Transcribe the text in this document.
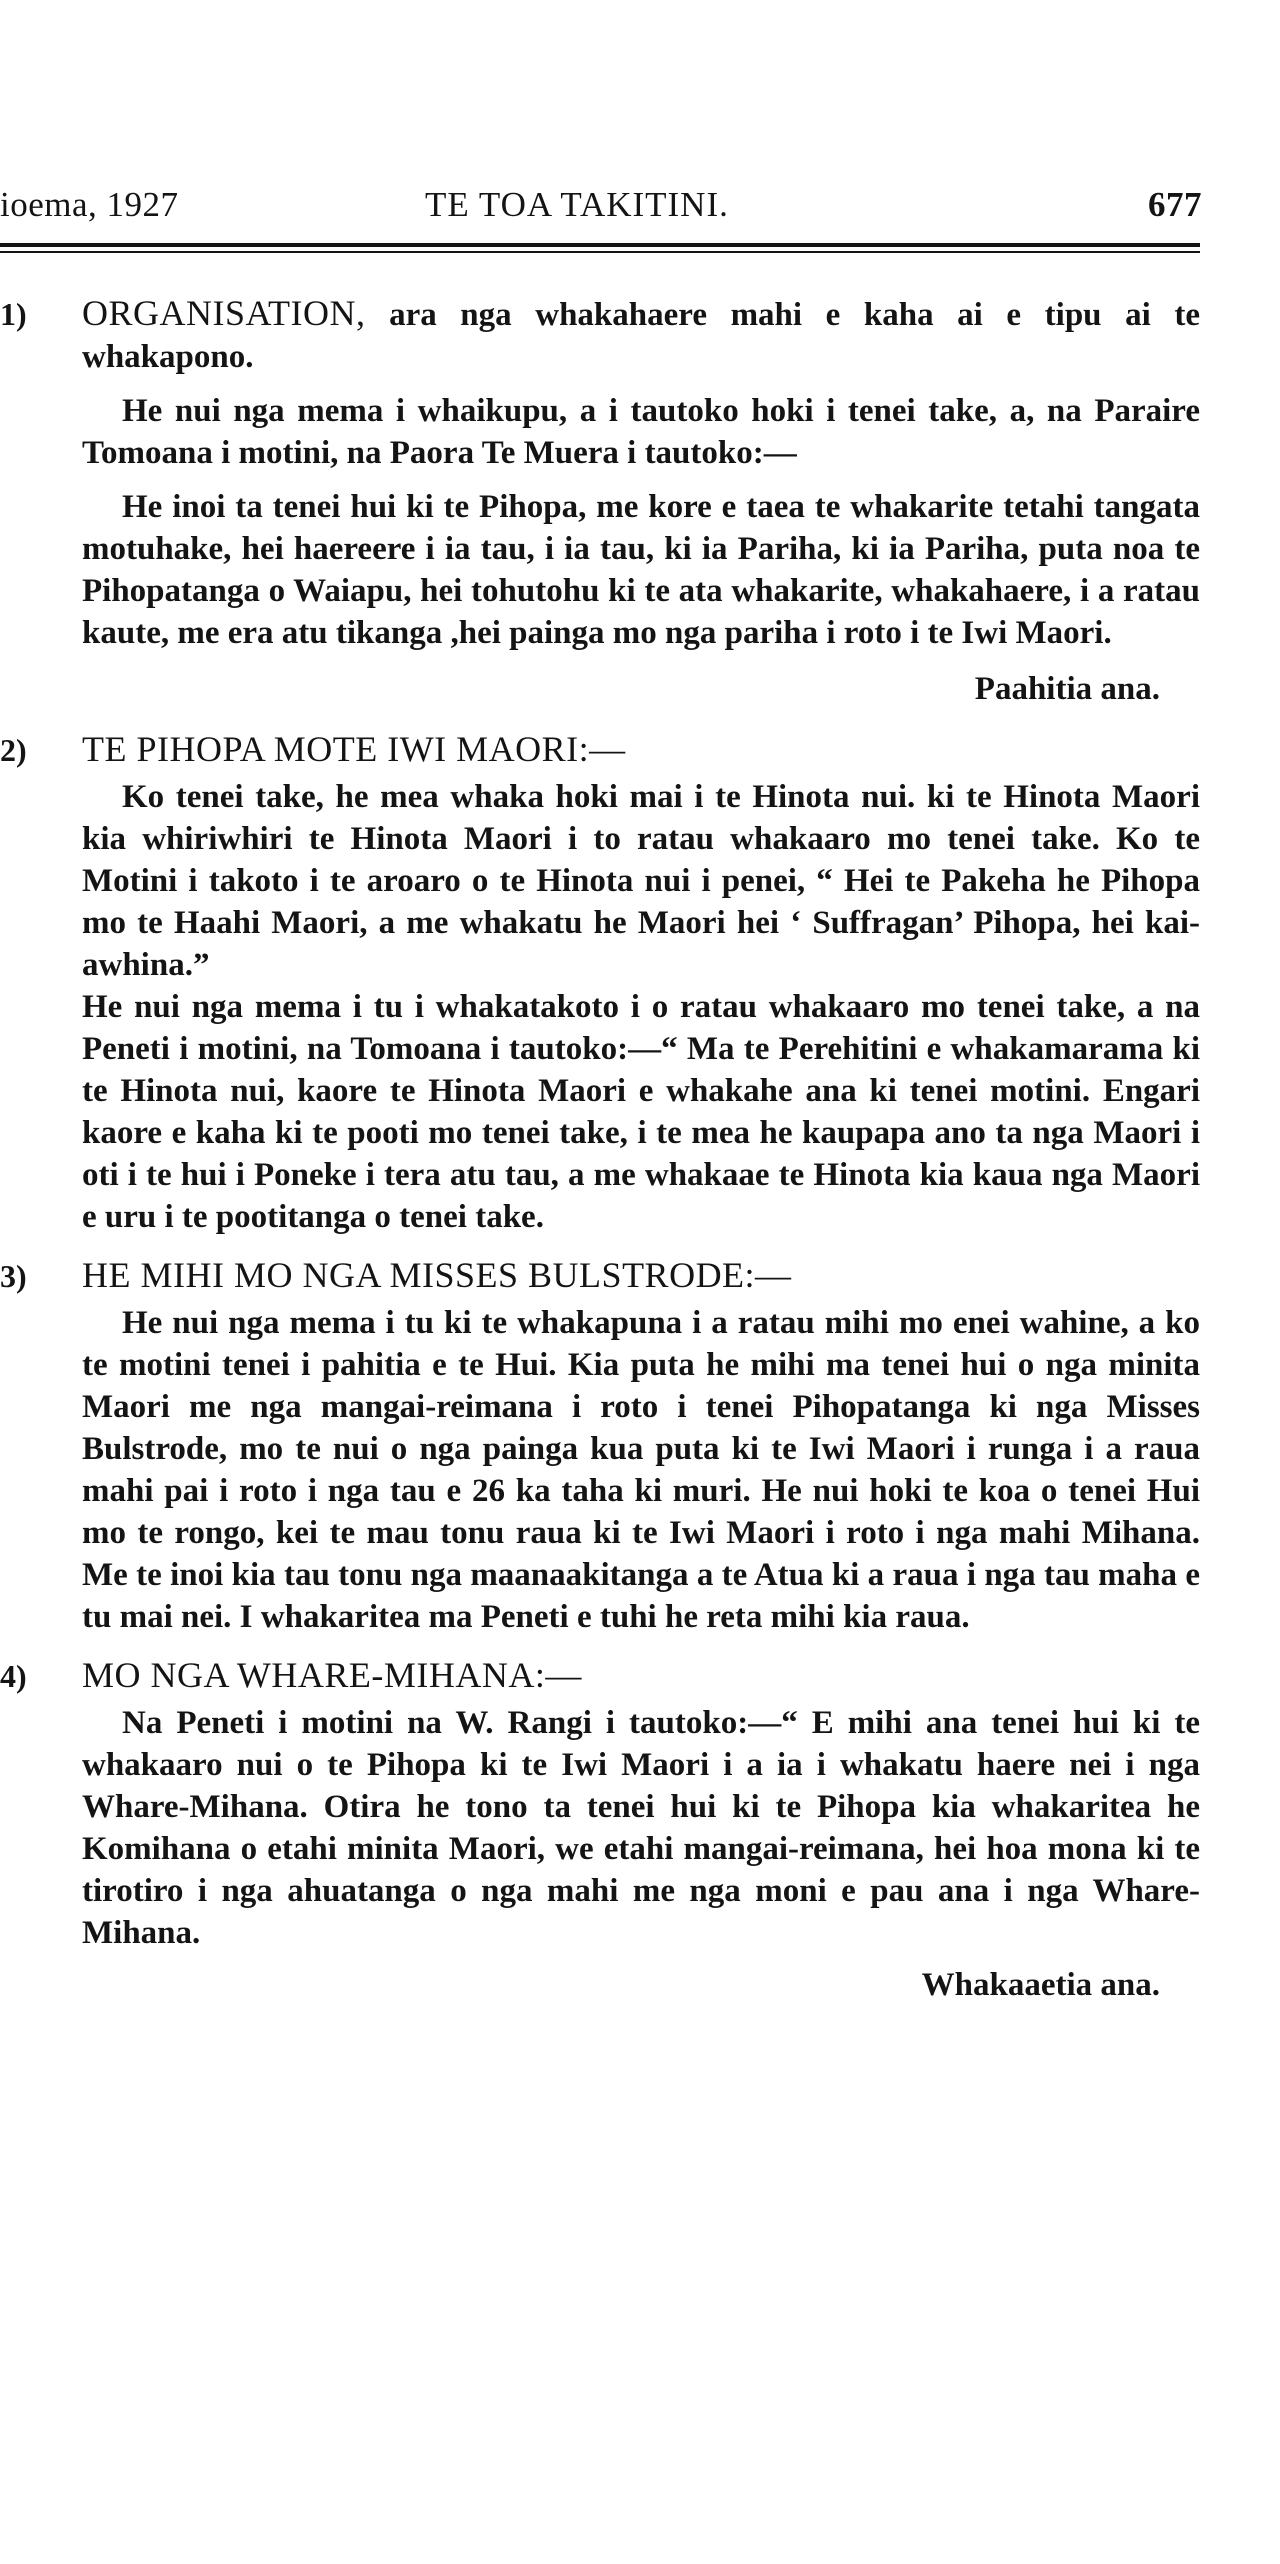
ioema, 1927	TE TOA TAKITINI.	677
1) ORGANISATION, ara nga whakahaere mahi e kaha ai e tipu ai te whakapono.

He nui nga mema i whaikupu, a i tautoko hoki i tenei take, a, na Paraire Tomoana i motini, na Paora Te Muera i tautoko:—

He inoi ta tenei hui ki te Pihopa, me kore e taea te whakarite tetahi tangata motuhake, hei haereere i ia tau, i ia tau, ki ia Pariha, ki ia Pariha, puta noa te Pihopatanga o Waiapu, hei tohutohu ki te ata whakarite, whakahaere, i a ratau kaute, me era atu tikanga ,hei painga mo nga pariha i roto i te Iwi Maori.

Paahitia ana.
2) TE PIHOPA MOTE IWI MAORI:—

Ko tenei take, he mea whaka hoki mai i te Hinota nui. ki te Hinota Maori kia whiriwhiri te Hinota Maori i to ratau whakaaro mo tenei take. Ko te Motini i takoto i te aroaro o te Hinota nui i penei, “ Hei te Pakeha he Pihopa mo te Haahi Maori, a me whakatu he Maori hei ‘ Suffragan’ Pihopa, hei kai-awhina.”

He nui nga mema i tu i whakatakoto i o ratau whakaaro mo tenei take, a na Peneti i motini, na Tomoana i tautoko:—“ Ma te Perehitini e whakamarama ki te Hinota nui, kaore te Hinota Maori e whakahe ana ki tenei motini. Engari kaore e kaha ki te pooti mo tenei take, i te mea he kaupapa ano ta nga Maori i oti i te hui i Poneke i tera atu tau, a me whakaae te Hinota kia kaua nga Maori e uru i te pootitanga o tenei take.

3) HE MIHI MO NGA MISSES BULSTRODE:—

He nui nga mema i tu ki te whakapuna i a ratau mihi mo enei wahine, a ko te motini tenei i pahitia e te Hui. Kia puta he mihi ma tenei hui o nga minita Maori me nga mangai-reimana i roto i tenei Pihopatanga ki nga Misses Bulstrode, mo te nui o nga painga kua puta ki te Iwi Maori i runga i a raua mahi pai i roto i nga tau e 26 ka taha ki muri. He nui hoki te koa o tenei Hui mo te rongo, kei te mau tonu raua ki te Iwi Maori i roto i nga mahi Mihana. Me te inoi kia tau tonu nga maanaakitanga a te Atua ki a raua i nga tau maha e tu mai nei. I whakaritea ma Peneti e tuhi he reta mihi kia raua.

4) MO NGA WHARE-MIHANA:—

Na Peneti i motini na W. Rangi i tautoko:—“ E mihi ana tenei hui ki te whakaaro nui o te Pihopa ki te Iwi Maori i a ia i whakatu haere nei i nga Whare-Mihana. Otira he tono ta tenei hui ki te Pihopa kia whakaritea he Komihana o etahi minita Maori, we etahi mangai-reimana, hei hoa mona ki te tirotiro i nga ahuatanga o nga mahi me nga moni e pau ana i nga Whare-Mihana.

Whakaaetia ana.
